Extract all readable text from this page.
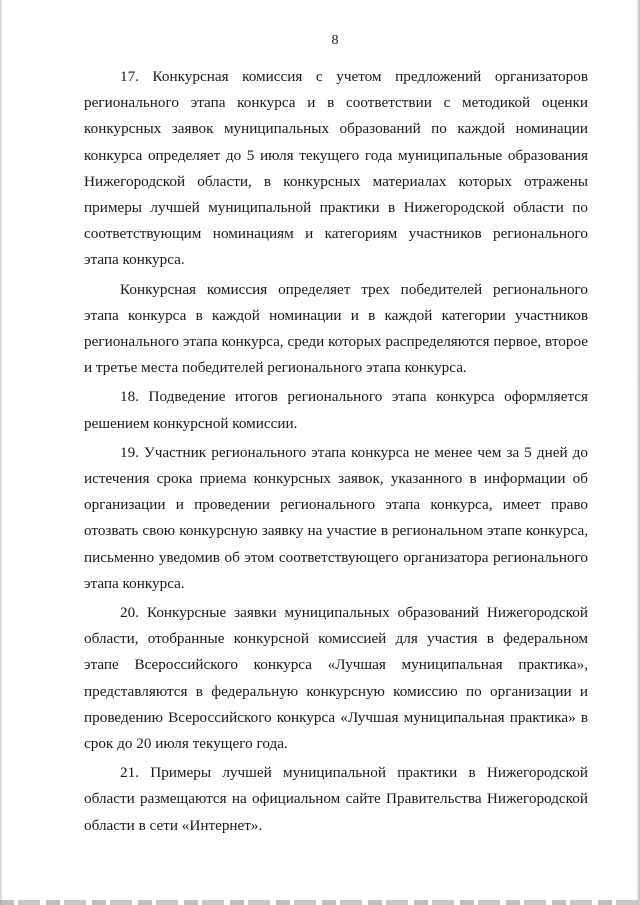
8

17. Конкурсная комиссия с учетом предложений организаторов регионального этапа конкурса и в соответствии с методикой оценки конкурсных заявок муниципальных образований по каждой номинации конкурса определяет до 5 июля текущего года муниципальные образования Нижегородской области, в конкурсных материалах которых отражены примеры лучшей муниципальной практики в Нижегородской области по соответствующим номинациям и категориям участников регионального этапа конкурса.

Конкурсная комиссия определяет трех победителей регионального этапа конкурса в каждой номинации и в каждой категории участников регионального этапа конкурса, среди которых распределяются первое, второе и третье места победителей регионального этапа конкурса.

18. Подведение итогов регионального этапа конкурса оформляется решением конкурсной комиссии.

19. Участник регионального этапа конкурса не менее чем за 5 дней до истечения срока приема конкурсных заявок, указанного в информации об организации и проведении регионального этапа конкурса, имеет право отозвать свою конкурсную заявку на участие в региональном этапе конкурса, письменно уведомив об этом соответствующего организатора регионального этапа конкурса.

20. Конкурсные заявки муниципальных образований Нижегородской области, отобранные конкурсной комиссией для участия в федеральном этапе Всероссийского конкурса «Лучшая муниципальная практика», представляются в федеральную конкурсную комиссию по организации и проведению Всероссийского конкурса «Лучшая муниципальная практика» в срок до 20 июля текущего года.

21. Примеры лучшей муниципальной практики в Нижегородской области размещаются на официальном сайте Правительства Нижегородской области в сети «Интернет».
